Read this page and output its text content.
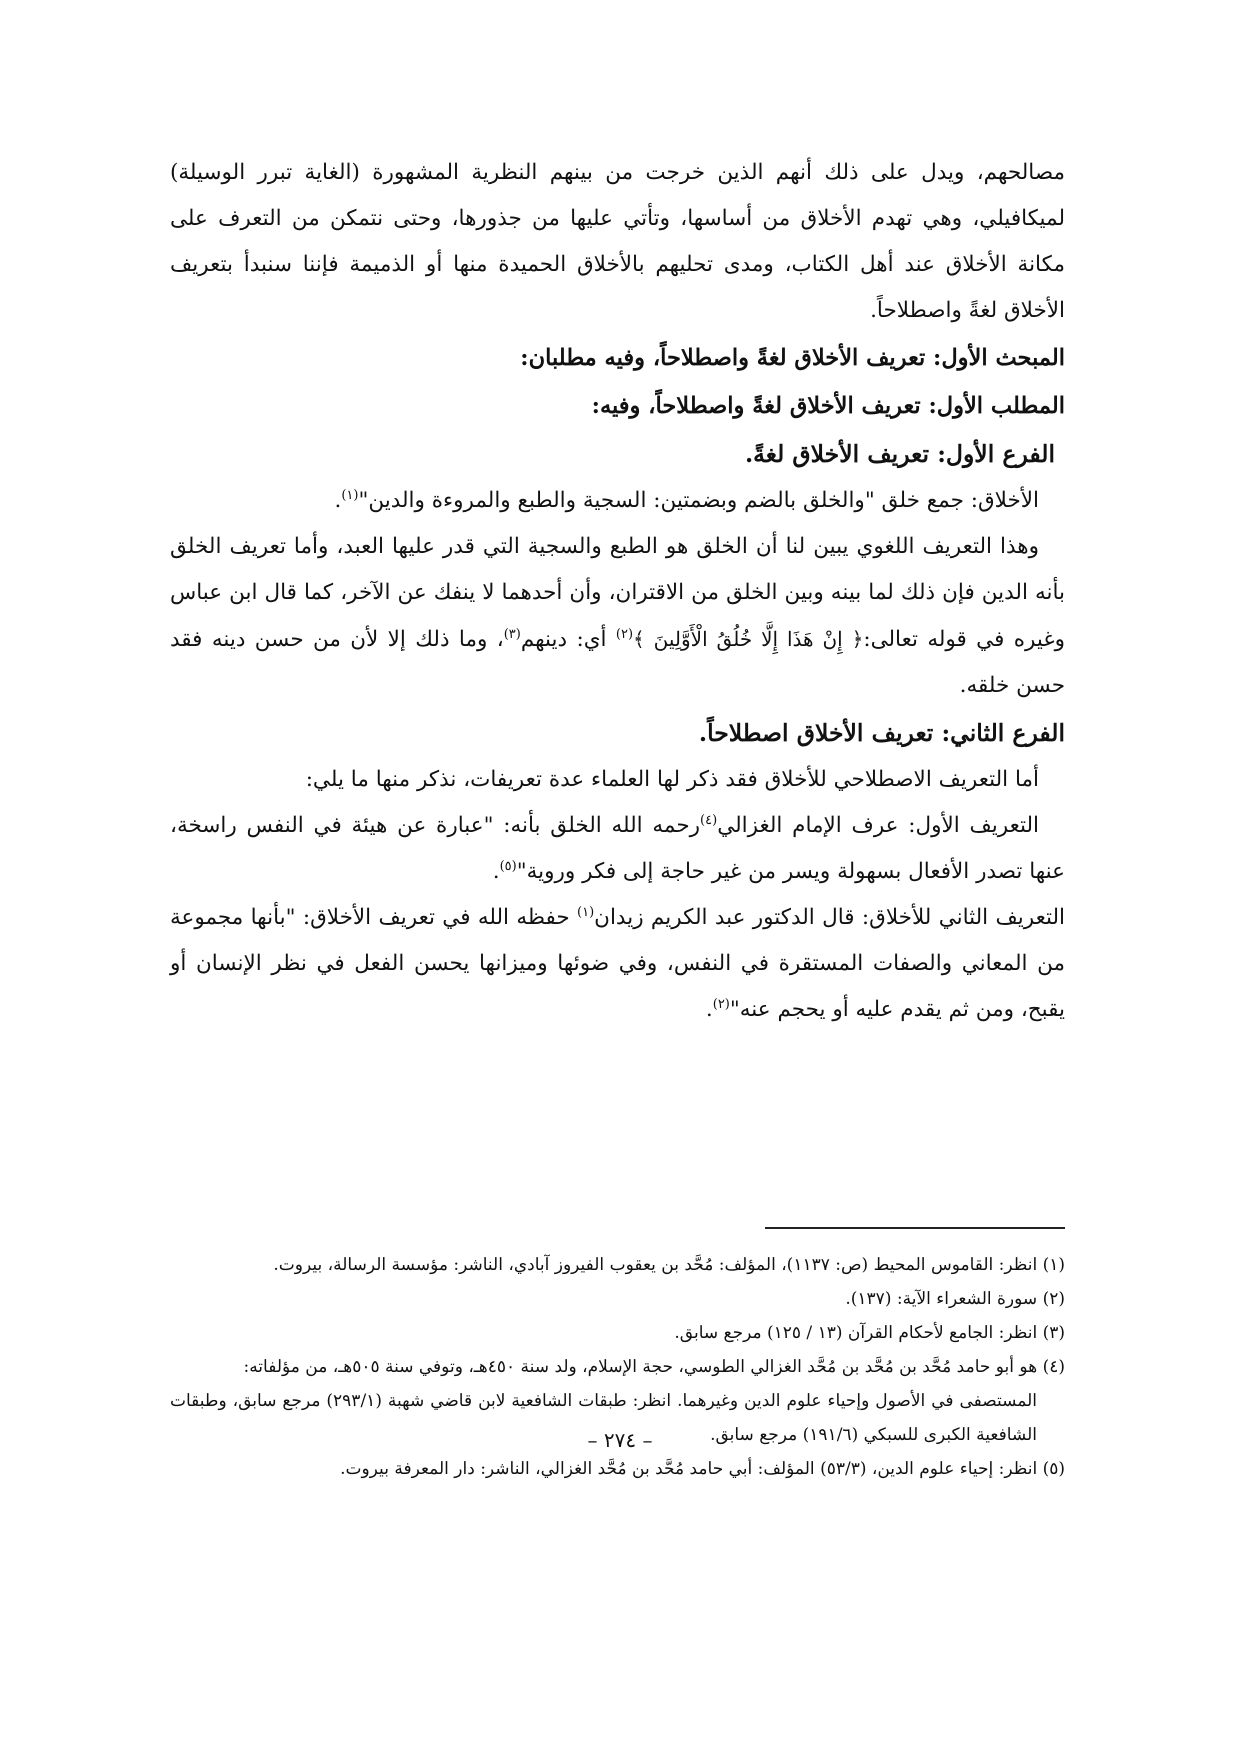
مصالحهم، ويدل على ذلك أنهم الذين خرجت من بينهم النظرية المشهورة (الغاية تبرر الوسيلة) لميكافيلي، وهي تهدم الأخلاق من أساسها، وتأتي عليها من جذورها، وحتى نتمكن من التعرف على مكانة الأخلاق عند أهل الكتاب، ومدى تحليهم بالأخلاق الحميدة منها أو الذميمة فإننا سنبدأ بتعريف الأخلاق لغةً واصطلاحاً.

المبحث الأول: تعريف الأخلاق لغةً واصطلاحاً، وفيه مطلبان:

المطلب الأول: تعريف الأخلاق لغةً واصطلاحاً، وفيه:

الفرع الأول: تعريف الأخلاق لغةً.

الأخلاق: جمع خلق "والخلق بالضم وبضمتين: السجية والطبع والمروءة والدين"$^{(١)}$.

وهذا التعريف اللغوي يبين لنا أن الخلق هو الطبع والسجية التي قدر عليها العبد، وأما تعريف الخلق بأنه الدين فإن ذلك لما بينه وبين الخلق من الاقتران، وأن أحدهما لا ينفك عن الآخر، كما قال ابن عباس وغيره في قوله تعالى:﴿ إِنْ هَذَا إِلَّا خُلُقُ الْأَوَّلِينَ ﴾$^{(٢)}$ أي: دينهم$^{(٣)}$، وما ذلك إلا لأن من حسن دينه فقد حسن خلقه.

الفرع الثاني: تعريف الأخلاق اصطلاحاً.

أما التعريف الاصطلاحي للأخلاق فقد ذكر لها العلماء عدة تعريفات، نذكر منها ما يلي:

التعريف الأول: عرف الإمام الغزالي$^{(٤)}$رحمه الله الخلق بأنه: "عبارة عن هيئة في النفس راسخة، عنها تصدر الأفعال بسهولة ويسر من غير حاجة إلى فكر وروية"$^{(٥)}$.

التعريف الثاني للأخلاق: قال الدكتور عبد الكريم زيدان$^{(١)}$ حفظه الله في تعريف الأخلاق: "بأنها مجموعة من المعاني والصفات المستقرة في النفس، وفي ضوئها وميزانها يحسن الفعل في نظر الإنسان أو يقبح، ومن ثم يقدم عليه أو يحجم عنه"$^{(٢)}$.

(١) انظر: القاموس المحيط (ص: ١١٣٧)، المؤلف: مُحَّد بن يعقوب الفيروز آبادي، الناشر: مؤسسة الرسالة، بيروت.

(٢) سورة الشعراء الآية: (١٣٧).

(٣) انظر: الجامع لأحكام القرآن (١٣ / ١٢٥) مرجع سابق.

(٤) هو أبو حامد مُحَّد بن مُحَّد بن مُحَّد الغزالي الطوسي، حجة الإسلام، ولد سنة ٤٥٠هـ، وتوفي سنة ٥٠٥هـ، من مؤلفاته:
المستصفى في الأصول وإحياء علوم الدين وغيرهما. انظر: طبقات الشافعية لابن قاضي شهبة (٢٩٣/١) مرجع سابق، وطبقات الشافعية الكبرى للسبكي (١٩١/٦) مرجع سابق.

(٥) انظر: إحياء علوم الدين، (٥٣/٣) المؤلف: أبي حامد مُحَّد بن مُحَّد الغزالي، الناشر: دار المعرفة بيروت.

– ٢٧٤ –
